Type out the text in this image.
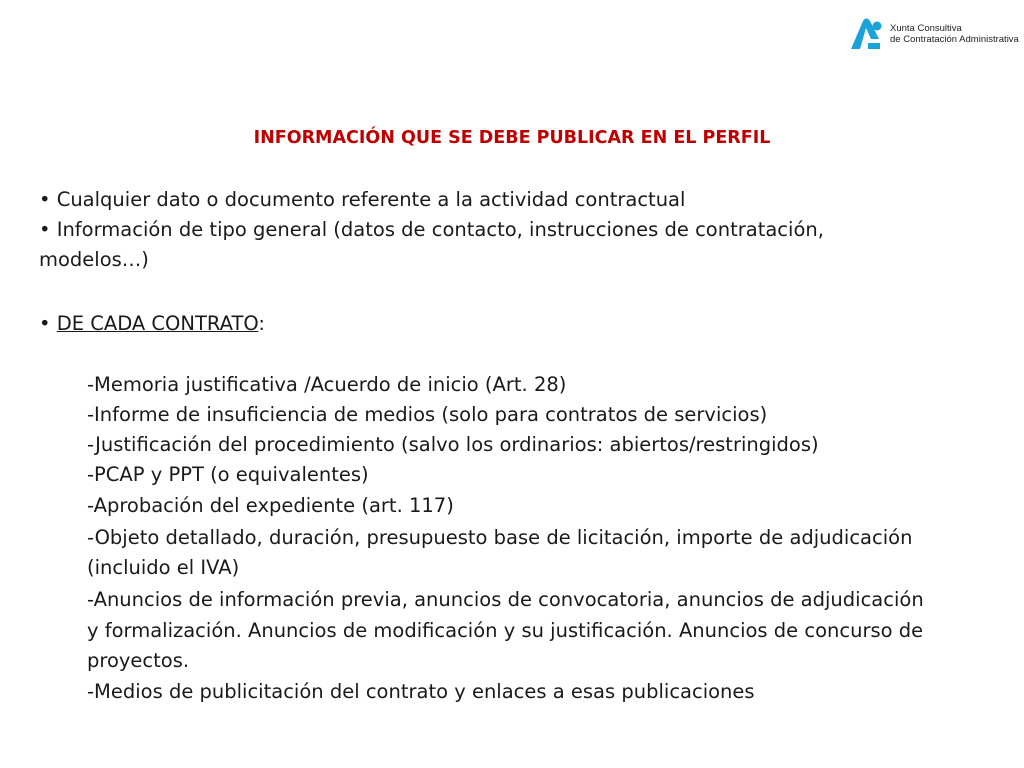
Xunta Consultiva
de Contratación Administrativa
INFORMACIÓN QUE SE DEBE PUBLICAR EN EL PERFIL

• Cualquier dato o documento referente a la actividad contractual

• Información de tipo general (datos de contacto, instrucciones de contratación,

modelos…)

• DE CADA CONTRATO:

-Memoria justificativa /Acuerdo de inicio (Art. 28)

-Informe de insuficiencia de medios (solo para contratos de servicios)

-Justificación del procedimiento (salvo los ordinarios: abiertos/restringidos)

-PCAP y PPT (o equivalentes)

-Aprobación del expediente (art. 117)

-Objeto detallado, duración, presupuesto base de licitación, importe de adjudicación

(incluido el IVA)

-Anuncios de información previa, anuncios de convocatoria, anuncios de adjudicación

y formalización. Anuncios de modificación y su justificación. Anuncios de concurso de

proyectos.

-Medios de publicitación del contrato y enlaces a esas publicaciones
